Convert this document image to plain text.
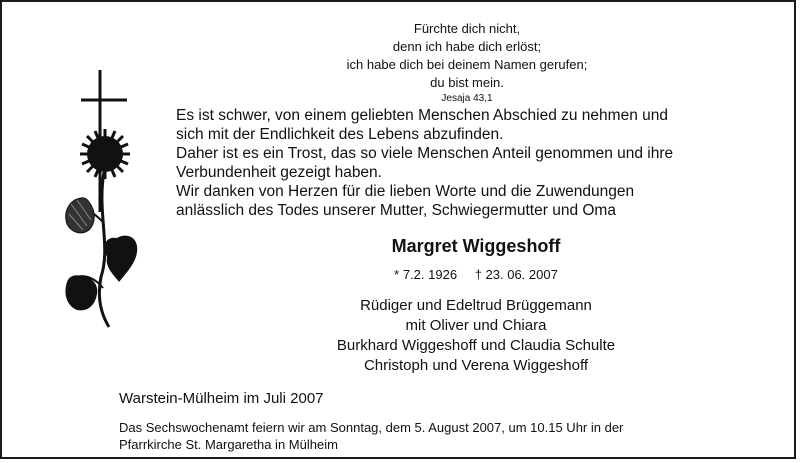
Fürchte dich nicht,
denn ich habe dich erlöst;
ich habe dich bei deinem Namen gerufen;
du bist mein.
Jesaja 43,1
Es ist schwer, von einem geliebten Menschen Abschied zu nehmen und
sich mit der Endlichkeit des Lebens abzufinden.
Daher ist es ein Trost, das so viele Menschen Anteil genommen und ihre
Verbundenheit gezeigt haben.
Wir danken von Herzen für die lieben Worte und die Zuwendungen
anlässlich des Todes unserer Mutter, Schwiegermutter und Oma
Margret Wiggeshoff
* 7.2. 1926 † 23. 06. 2007
Rüdiger und Edeltrud Brüggemann
mit Oliver und Chiara
Burkhard Wiggeshoff und Claudia Schulte
Christoph und Verena Wiggeshoff
Warstein-Mülheim im Juli 2007
Das Sechswochenamt feiern wir am Sonntag, dem 5. August 2007, um 10.15 Uhr in der
Pfarrkirche St. Margaretha in Mülheim
